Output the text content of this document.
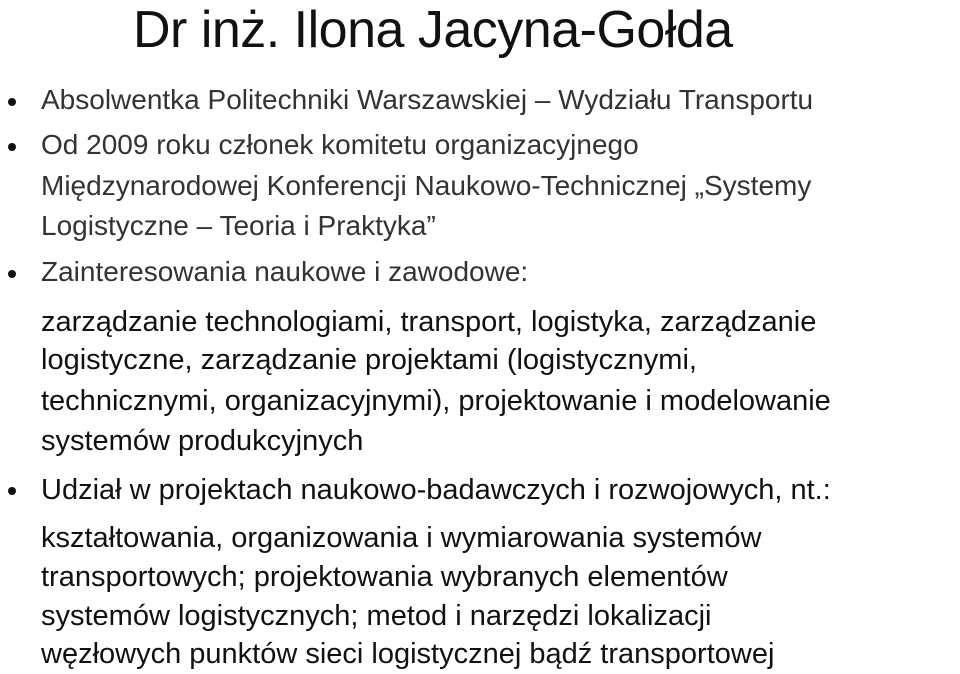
Dr inż. Ilona Jacyna-Gołda

Absolwentka Politechniki Warszawskiej – Wydziału Transportu

Od 2009 roku członek komitetu organizacyjnego

Międzynarodowej Konferencji Naukowo-Technicznej „Systemy

Logistyczne – Teoria i Praktyka”

Zainteresowania naukowe i zawodowe:

zarządzanie technologiami, transport, logistyka, zarządzanie

logistyczne, zarządzanie projektami (logistycznymi,

technicznymi, organizacyjnymi), projektowanie i modelowanie

systemów produkcyjnych

Udział w projektach naukowo-badawczych i rozwojowych, nt.:

kształtowania, organizowania i wymiarowania systemów

transportowych; projektowania wybranych elementów

systemów logistycznych; metod i narzędzi lokalizacji

węzłowych punktów sieci logistycznej bądź transportowej
